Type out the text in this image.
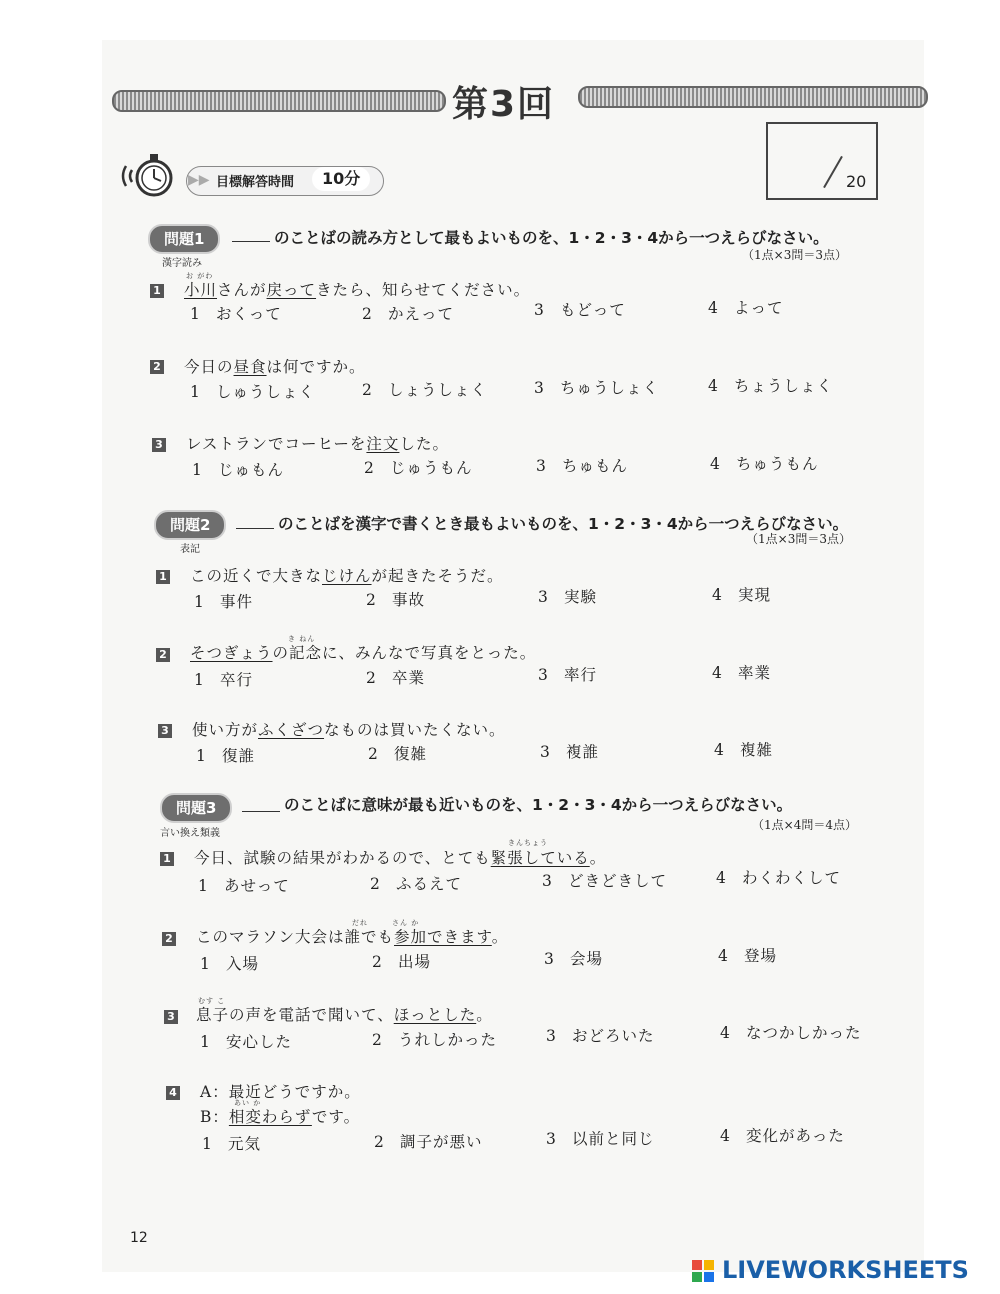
第3回
20
▶▶ 目標解答時間	10分
問題1	のことばの読み方として最もよいものを、1・2・3・4から一つえらびなさい。
漢字読み
（1点×3問＝3点）
1
お がわ
小川さんが戻ってきたら、知らせてください。
1 おくって	2 かえって	3 もどって	4 よって
2 今日の昼食は何ですか。
1 しゅうしょく	2 しょうしょく	3 ちゅうしょく	4 ちょうしょく
3 レストランでコーヒーを注文した。
1 じゅもん	2 じゅうもん	3 ちゅもん	4 ちゅうもん
問題2	のことばを漢字で書くとき最もよいものを、1・2・3・4から一つえらびなさい。
表記
（1点×3問＝3点）
1 この近くで大きなじけんが起きたそうだ。
1 事件	2 事故	3 実験	4 実現
2
き ねん
そつぎょうの記念に、みんなで写真をとった。
1 卒行	2 卒業	3 率行	4 率業
3 使い方がふくざつなものは買いたくない。
1 復誰	2 復雑	3 複誰	4 複雑
問題3	のことばに意味が最も近いものを、1・2・3・4から一つえらびなさい。
言い換え類義
（1点×4問＝4点）
1
きんちょう
今日、試験の結果がわかるので、とても緊張している。
1 あせって	2 ふるえて	3 どきどきして	4 わくわくして
2
だれ　　　さん か
このマラソン大会は誰でも参加できます。
1 入場	2 出場	3 会場	4 登場
3
むす こ
息子の声を電話で聞いて、ほっとした。
1 安心した	2 うれしかった	3 おどろいた	4 なつかしかった
4 A：最近どうですか。
あい か
B：相変わらずです。
1 元気	2 調子が悪い	3 以前と同じ	4 変化があった
12
LIVEWORKSHEETS
